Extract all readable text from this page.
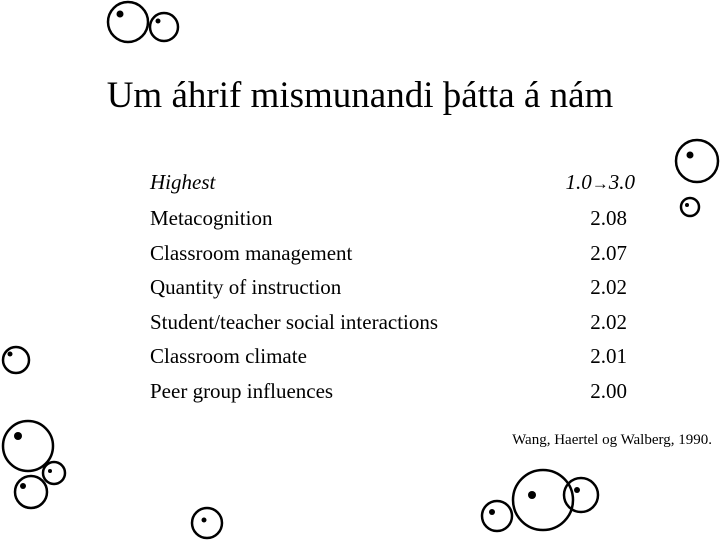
Um áhrif mismunandi þátta á nám
Highest	1.0→3.0
Metacognition	2.08
Classroom management	2.07
Quantity of instruction	2.02
Student/teacher social interactions	2.02
Classroom climate	2.01
Peer group influences	2.00
Wang, Haertel og Walberg, 1990.
